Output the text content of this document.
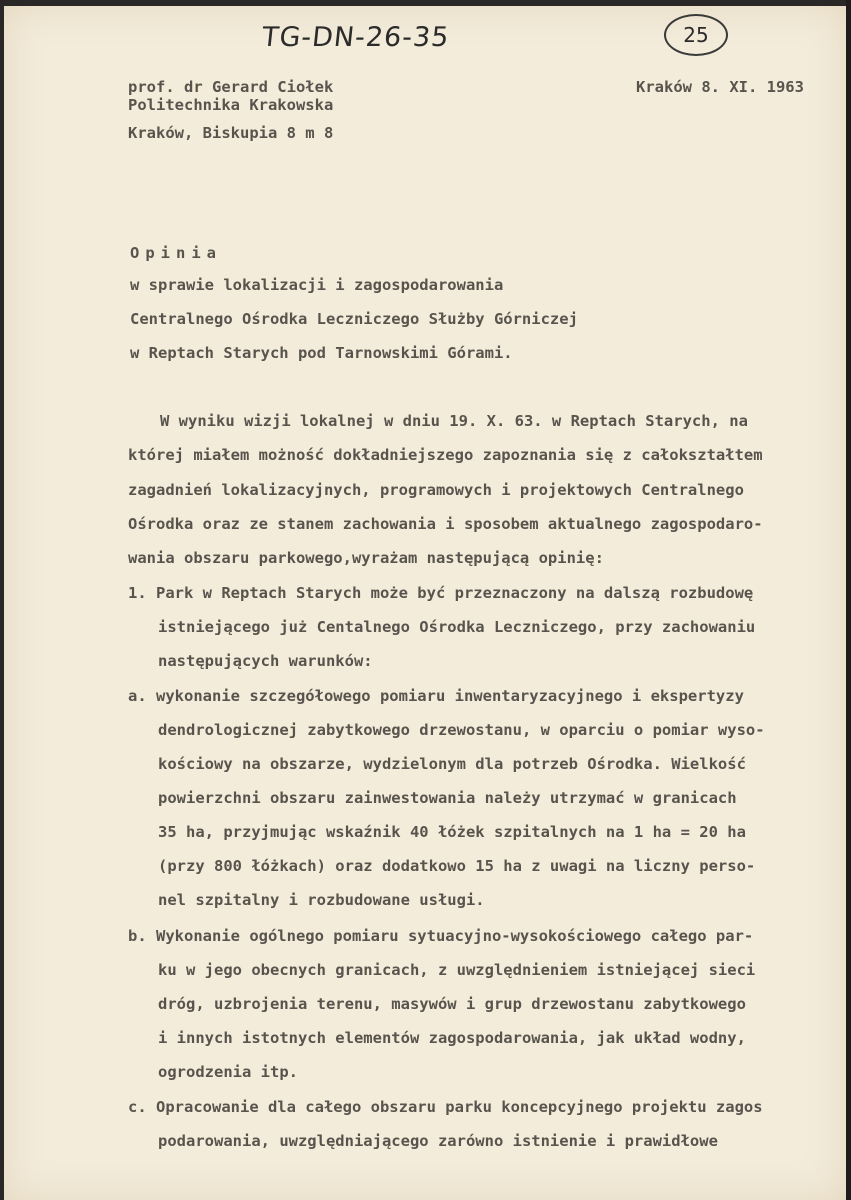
TG-DN-26-35	25
prof. dr Gerard Ciołek
Politechnika Krakowska
Kraków, Biskupia 8 m 8
Kraków 8. XI. 1963
Opinia
w sprawie lokalizacji i zagospodarowania
Centralnego Ośrodka Leczniczego Służby Górniczej
w Reptach Starych pod Tarnowskimi Górami.
W wyniku wizji lokalnej w dniu 19. X. 63. w Reptach Starych, na
której miałem możność dokładniejszego zapoznania się z całokształtem
zagadnień lokalizacyjnych, programowych i projektowych Centralnego
Ośrodka oraz ze stanem zachowania i sposobem aktualnego zagospodaro-
wania obszaru parkowego,wyrażam następującą opinię:
1. Park w Reptach Starych może być przeznaczony na dalszą rozbudowę
istniejącego już Centalnego Ośrodka Leczniczego, przy zachowaniu
następujących warunków:
a. wykonanie szczegółowego pomiaru inwentaryzacyjnego i ekspertyzy
dendrologicznej zabytkowego drzewostanu, w oparciu o pomiar wyso-
kościowy na obszarze, wydzielonym dla potrzeb Ośrodka. Wielkość
powierzchni obszaru zainwestowania należy utrzymać w granicach
35 ha, przyjmując wskaźnik 40 łóżek szpitalnych na 1 ha = 20 ha
(przy 800 łóżkach) oraz dodatkowo 15 ha z uwagi na liczny perso-
nel szpitalny i rozbudowane usługi.
b. Wykonanie ogólnego pomiaru sytuacyjno-wysokościowego całego par-
ku w jego obecnych granicach, z uwzględnieniem istniejącej sieci
dróg, uzbrojenia terenu, masywów i grup drzewostanu zabytkowego
i innych istotnych elementów zagospodarowania, jak układ wodny,
ogrodzenia itp.
c. Opracowanie dla całego obszaru parku koncepcyjnego projektu zagos
podarowania, uwzględniającego zarówno istnienie i prawidłowe
